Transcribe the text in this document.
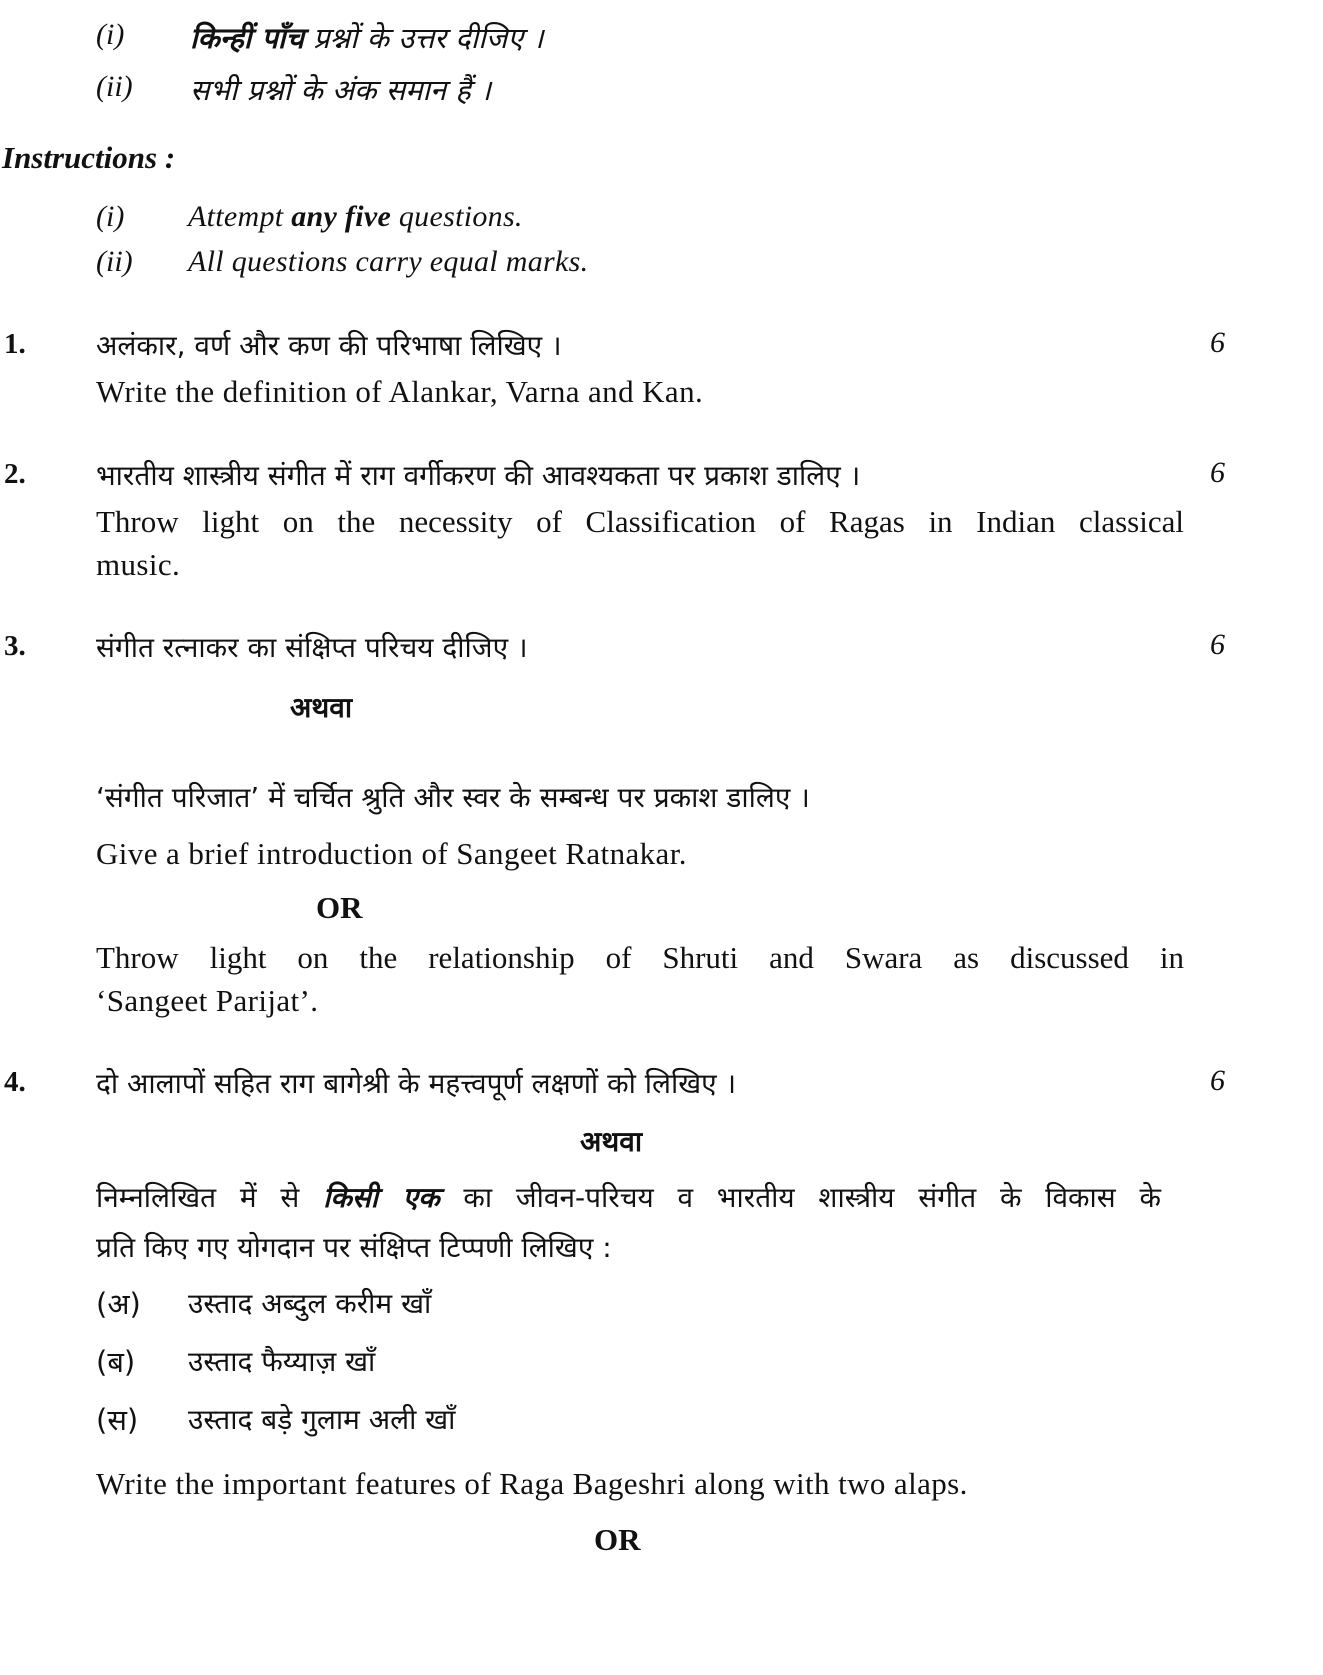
(i) किन्हीं पाँच प्रश्नों के उत्तर दीजिए ।
(ii) सभी प्रश्नों के अंक समान हैं ।
Instructions :
(i) Attempt any five questions.
(ii) All questions carry equal marks.
1.	अलंकार, वर्ण और कण की परिभाषा लिखिए ।	6
Write the definition of Alankar, Varna and Kan.
2.	भारतीय शास्त्रीय संगीत में राग वर्गीकरण की आवश्यकता पर प्रकाश डालिए ।	6
Throw light on the necessity of Classification of Ragas in Indian classical
music.
3.	संगीत रत्नाकर का संक्षिप्त परिचय दीजिए ।	6
अथवा
‘संगीत परिजात’ में चर्चित श्रुति और स्वर के सम्बन्ध पर प्रकाश डालिए ।
Give a brief introduction of Sangeet Ratnakar.
OR
Throw light on the relationship of Shruti and Swara as discussed in
‘Sangeet Parijat’.
4.	दो आलापों सहित राग बागेश्री के महत्त्वपूर्ण लक्षणों को लिखिए ।	6
अथवा
निम्नलिखित में से किसी एक का जीवन-परिचय व भारतीय शास्त्रीय संगीत के विकास के
प्रति किए गए योगदान पर संक्षिप्त टिप्पणी लिखिए :
(अ) उस्ताद अब्दुल करीम खाँ
(ब) उस्ताद फैय्याज़ खाँ
(स) उस्ताद बड़े गुलाम अली खाँ
Write the important features of Raga Bageshri along with two alaps.
OR
